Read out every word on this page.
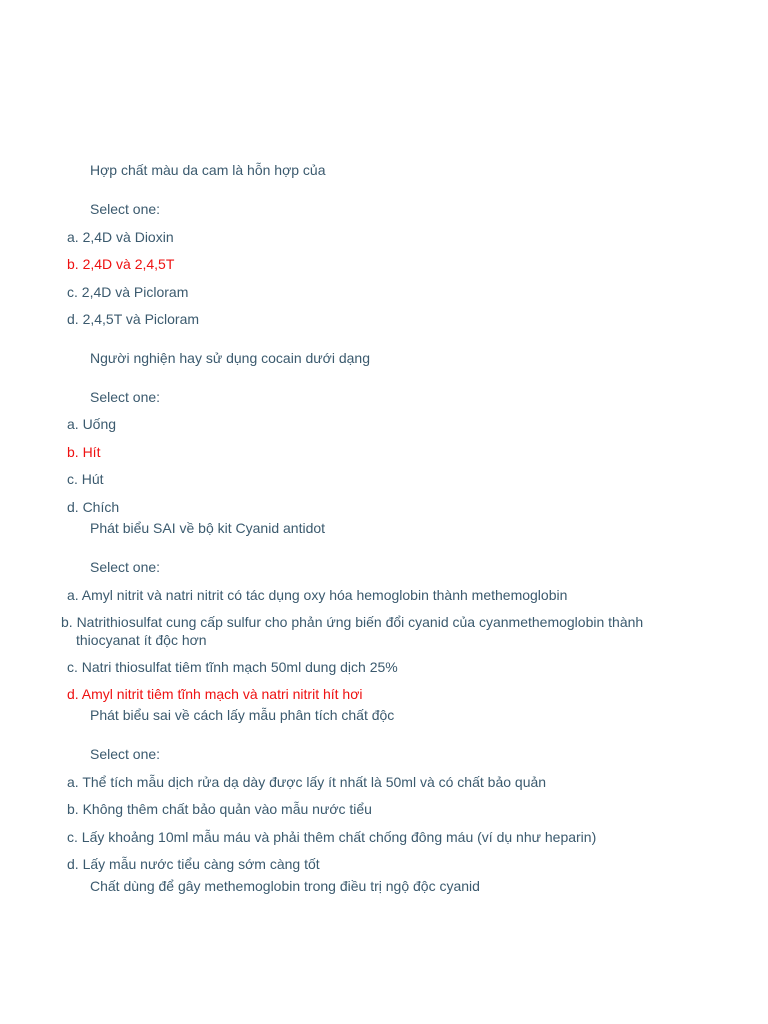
Hợp chất màu da cam là hỗn hợp của
Select one:
a. 2,4D và Dioxin
b. 2,4D và 2,4,5T
c. 2,4D và Picloram
d. 2,4,5T và Picloram
Người nghiện hay sử dụng cocain dưới dạng
Select one:
a. Uống
b. Hít
c. Hút
d. Chích
Phát biểu SAI về bộ kit Cyanid antidot
Select one:
a. Amyl nitrit và natri nitrit có tác dụng oxy hóa hemoglobin thành methemoglobin
b. Natrithiosulfat cung cấp sulfur cho phản ứng biến đổi cyanid của cyanmethemoglobin thành thiocyanat ít độc hơn
c. Natri thiosulfat tiêm tĩnh mạch 50ml dung dịch 25%
d. Amyl nitrit tiêm tĩnh mạch và natri nitrit hít hơi
Phát biểu sai về cách lấy mẫu phân tích chất độc
Select one:
a. Thể tích mẫu dịch rửa dạ dày được lấy ít nhất là 50ml và có chất bảo quản
b. Không thêm chất bảo quản vào mẫu nước tiểu
c. Lấy khoảng 10ml mẫu máu và phải thêm chất chống đông máu (ví dụ như heparin)
d. Lấy mẫu nước tiểu càng sớm càng tốt
Chất dùng để gây methemoglobin trong điều trị ngộ độc cyanid
